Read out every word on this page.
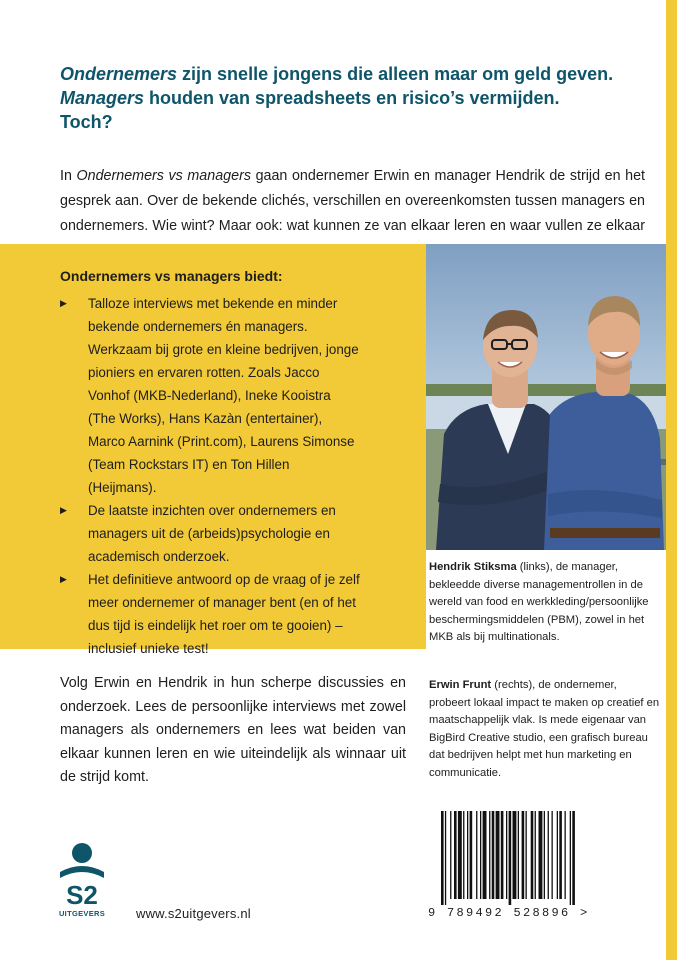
Ondernemers zijn snelle jongens die alleen maar om geld geven.
Managers houden van spreadsheets en risico’s vermijden.
Toch?

In Ondernemers vs managers gaan ondernemer Erwin en manager Hendrik de strijd en het gesprek aan. Over de bekende clichés, verschillen en overeenkomsten tussen managers en ondernemers. Wie wint? Maar ook: wat kunnen ze van elkaar leren en waar vullen ze elkaar

Ondernemers vs managers biedt:
▶ Talloze interviews met bekende en minder bekende ondernemers én managers. Werkzaam bij grote en kleine bedrijven, jonge pioniers en ervaren rotten. Zoals Jacco Vonhof (MKB-Nederland), Ineke Kooistra (The Works), Hans Kazàn (entertainer), Marco Aarnink (Print.com), Laurens Simonse (Team Rockstars IT) en Ton Hillen (Heijmans).
▶ De laatste inzichten over ondernemers en managers uit de (arbeids)psychologie en academisch onderzoek.
▶ Het definitieve antwoord op de vraag of je zelf meer ondernemer of manager bent (en of het dus tijd is eindelijk het roer om te gooien) – inclusief unieke test!

Hendrik Stiksma (links), de manager, bekleedde diverse managementrollen in de wereld van food en werkkleding/persoonlijke beschermingsmiddelen (PBM), zowel in het MKB als bij multinationals.

Erwin Frunt (rechts), de ondernemer, probeert lokaal impact te maken op creatief en maatschappelijk vlak. Is mede eigenaar van BigBird Creative studio, een grafisch bureau dat bedrijven helpt met hun marketing en communicatie.

Volg Erwin en Hendrik in hun scherpe discussies en onderzoek. Lees de persoonlijke interviews met zowel managers als ondernemers en lees wat beiden van elkaar kunnen leren en wie uiteindelijk als winnaar uit de strijd komt.

S2
UITGEVERS www.s2uitgevers.nl	9 789492 528896 >
